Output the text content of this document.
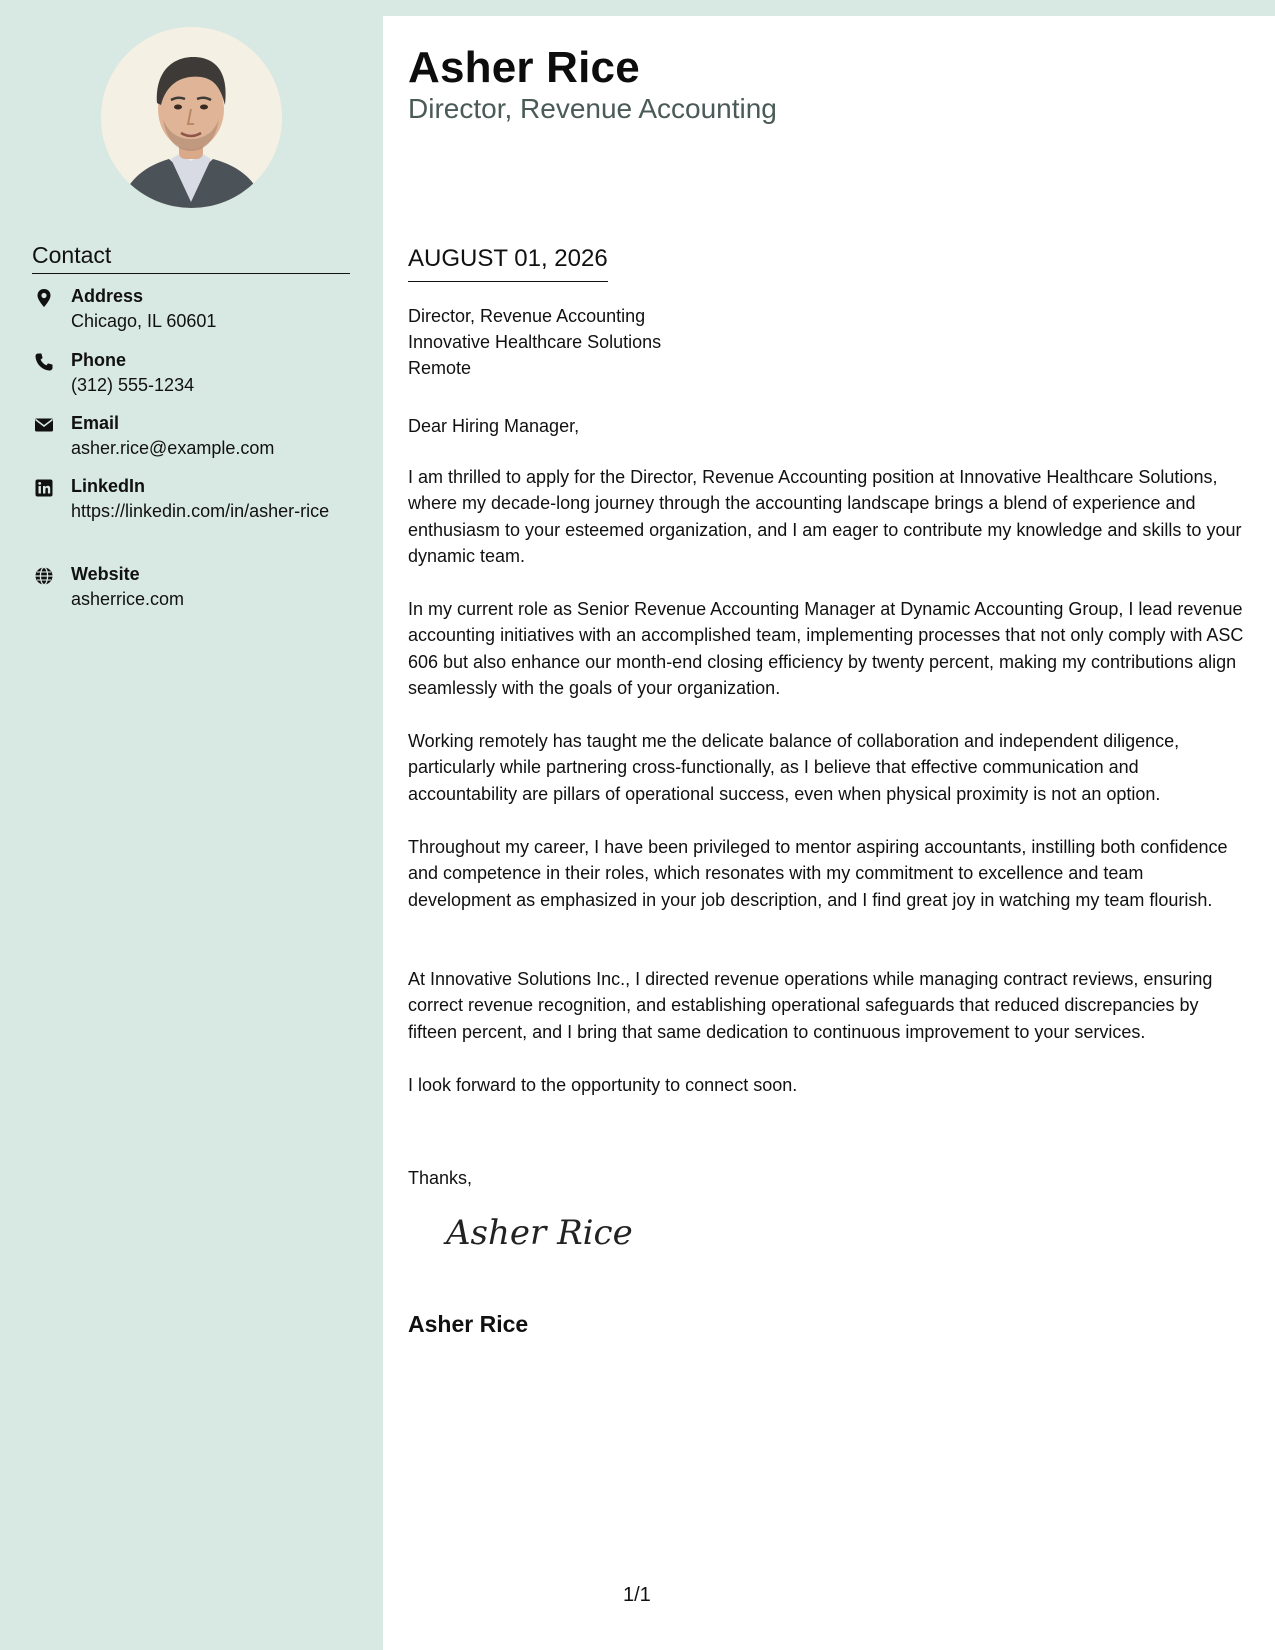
Contact
Address
Chicago, IL 60601
Phone
(312) 555-1234
Email
asher.rice@example.com
LinkedIn
https://linkedin.com/in/asher-rice
Website
asherrice.com
Asher Rice
Director, Revenue Accounting
AUGUST 01, 2026
Director, Revenue Accounting
Innovative Healthcare Solutions
Remote
Dear Hiring Manager,
I am thrilled to apply for the Director, Revenue Accounting position at Innovative Healthcare Solutions, where my decade-long journey through the accounting landscape brings a blend of experience and enthusiasm to your esteemed organization, and I am eager to contribute my knowledge and skills to your dynamic team.
In my current role as Senior Revenue Accounting Manager at Dynamic Accounting Group, I lead revenue accounting initiatives with an accomplished team, implementing processes that not only comply with ASC 606 but also enhance our month-end closing efficiency by twenty percent, making my contributions align seamlessly with the goals of your organization.
Working remotely has taught me the delicate balance of collaboration and independent diligence, particularly while partnering cross-functionally, as I believe that effective communication and accountability are pillars of operational success, even when physical proximity is not an option.
Throughout my career, I have been privileged to mentor aspiring accountants, instilling both confidence and competence in their roles, which resonates with my commitment to excellence and team development as emphasized in your job description, and I find great joy in watching my team flourish.
At Innovative Solutions Inc., I directed revenue operations while managing contract reviews, ensuring correct revenue recognition, and establishing operational safeguards that reduced discrepancies by fifteen percent, and I bring that same dedication to continuous improvement to your services.
I look forward to the opportunity to connect soon.
Thanks,
Asher Rice
Asher Rice
1/1
